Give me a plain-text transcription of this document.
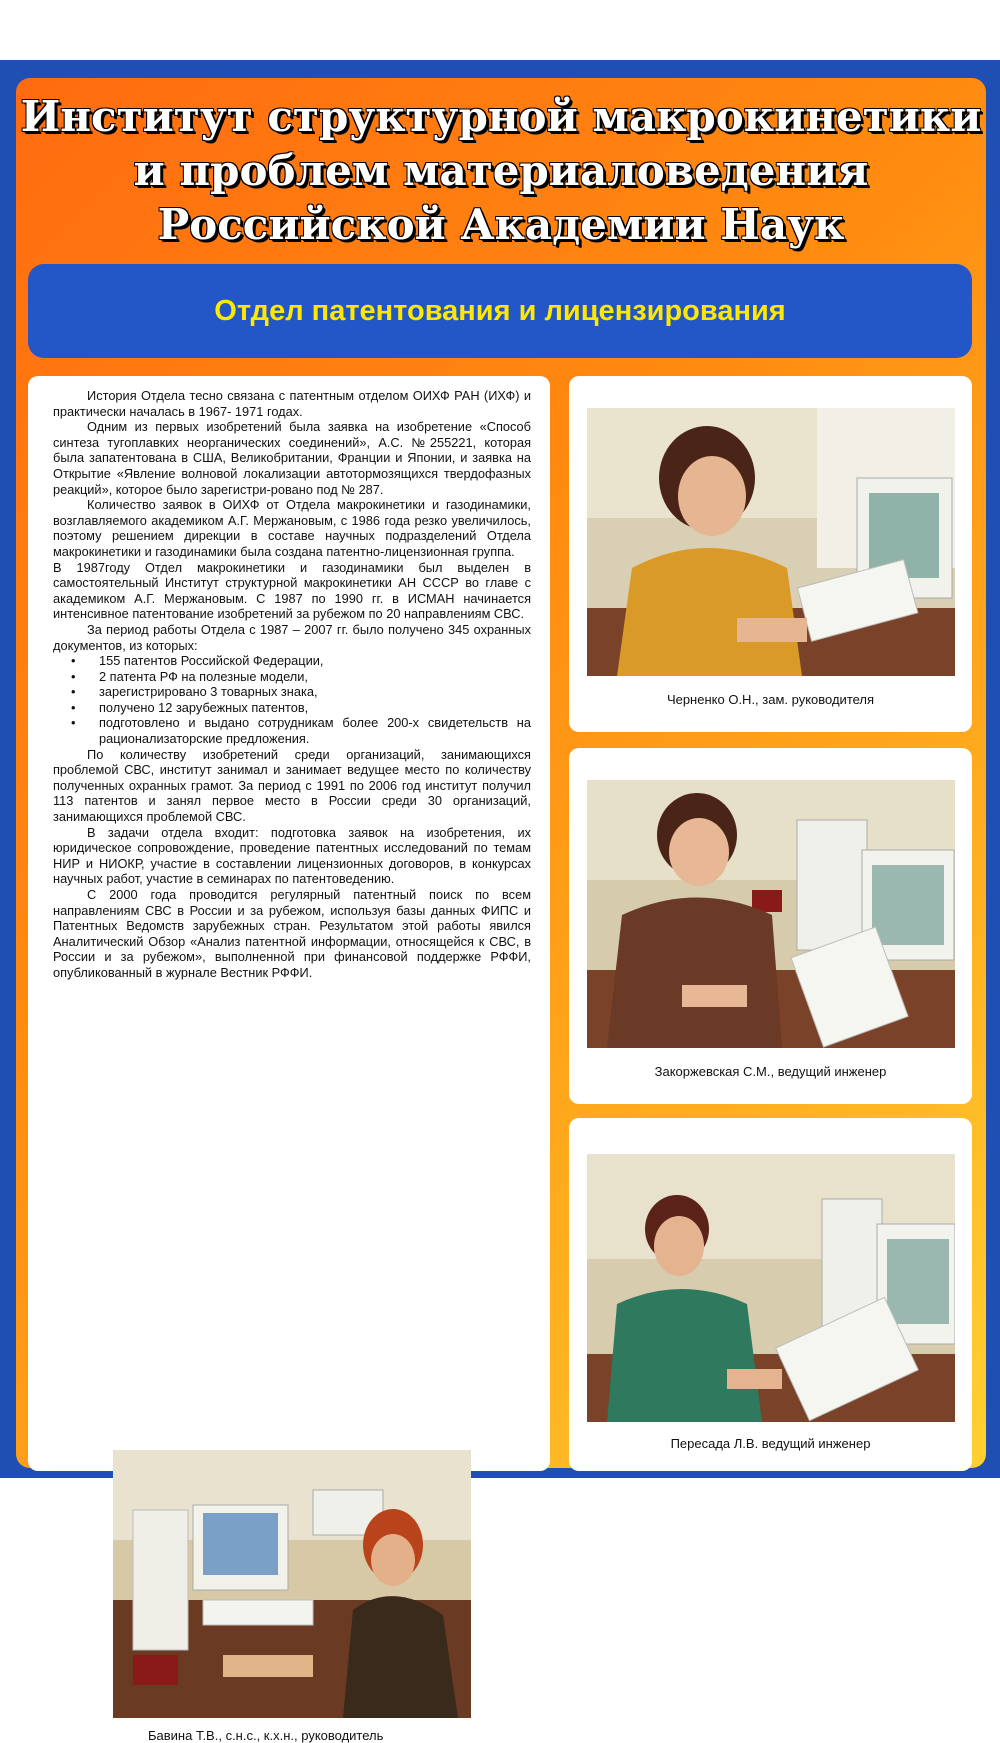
Институт структурной макрокинетики
и проблем материаловедения
Российской Академии Наук
Отдел патентования и лицензирования

История Отдела тесно связана с патентным отделом ОИХФ РАН (ИХФ) и практически началась в 1967- 1971 годах.

Одним из первых изобретений была заявка на изобретение «Способ синтеза тугоплавких неорганических соединений», А.С. №255221, которая была запатентована в США, Великобритании, Франции и Японии, и заявка на Открытие «Явление волновой локализации автотормозящихся твердофазных реакций», которое было зарегистри-ровано под № 287.

Количество заявок в ОИХФ от Отдела макрокинетики и газодинамики, возглавляемого академиком А.Г. Мержановым, с 1986 года резко увеличилось, поэтому решением дирекции в составе научных подразделений Отдела макрокинетики и газодинамики была создана патентно-лицензионная группа.

В 1987году Отдел макрокинетики и газодинамики был выделен в самостоятельный Институт структурной макрокинетики АН СССР во главе с академиком А.Г. Мержановым. С 1987 по 1990 гг. в ИСМАН начинается интенсивное патентование изобретений за рубежом по 20 направлениям СВС.

За период работы Отдела с 1987 – 2007 гг. было получено 345 охранных документов, из которых:

• 155 патентов Российской Федерации,
• 2 патента РФ на полезные модели,
• зарегистрировано 3 товарных знака,
• получено 12 зарубежных патентов,
• подготовлено и выдано сотрудникам более 200-х свидетельств на рационализаторские предложения.

По количеству изобретений среди организаций, занимающихся проблемой СВС, институт занимал и занимает ведущее место по количеству полученных охранных грамот. За период с 1991 по 2006 год институт получил 113 патентов и занял первое место в России среди 30 организаций, занимающихся проблемой СВС.

В задачи отдела входит: подготовка заявок на изобретения, их юридическое сопровождение, проведение патентных исследований по темам НИР и НИОКР, участие в составлении лицензионных договоров, в конкурсах научных работ, участие в семинарах по патентоведению.

С 2000 года проводится регулярный патентный поиск по всем направлениям СВС в России и за рубежом, используя базы данных ФИПС и Патентных Ведомств зарубежных стран. Результатом этой работы явился Аналитический Обзор «Анализ патентной информации, относящейся к СВС, в России и за рубежом», выполненной при финансовой поддержке РФФИ, опубликованный в журнале Вестник РФФИ.

Бавина Т.В., с.н.с., к.х.н., руководитель
Черненко О.Н., зам. руководителя
Закоржевская С.М., ведущий инженер
Пересада Л.В. ведущий инженер
